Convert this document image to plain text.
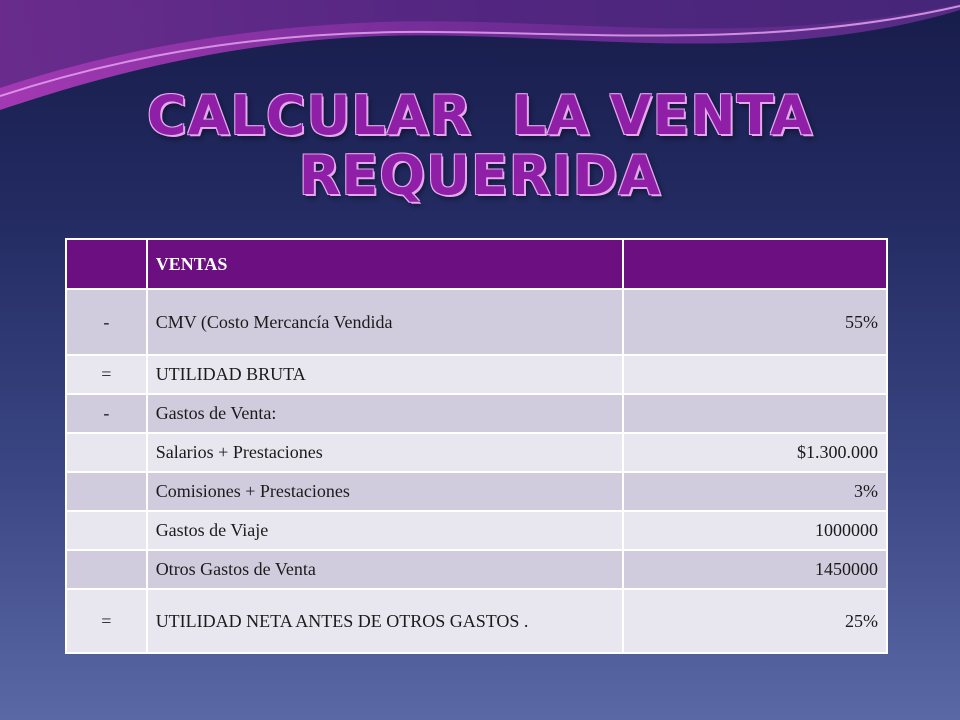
CALCULAR  LA VENTA
REQUERIDA
	VENTAS	
-	CMV (Costo Mercancía Vendida	55%
=	UTILIDAD BRUTA	
-	Gastos de Venta:	
	Salarios + Prestaciones	$1.300.000
	Comisiones + Prestaciones	3%
	Gastos de Viaje	1000000
	Otros Gastos de Venta	1450000
=	UTILIDAD NETA ANTES DE OTROS GASTOS .	25%
